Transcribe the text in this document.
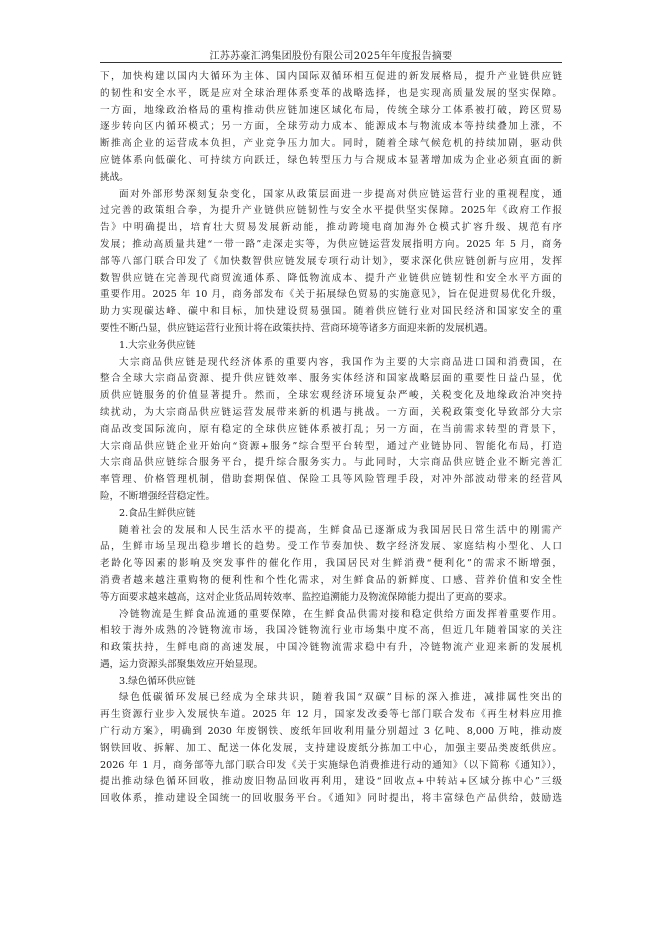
江苏苏豪汇鸿集团股份有限公司2025年年度报告摘要
下，加快构建以国内大循环为主体、国内国际双循环相互促进的新发展格局，提升产业链供应链
的韧性和安全水平，既是应对全球治理体系变革的战略选择，也是实现高质量发展的坚实保障。
一方面，地缘政治格局的重构推动供应链加速区域化布局，传统全球分工体系被打破，跨区贸易
逐步转向区内循环模式；另一方面，全球劳动力成本、能源成本与物流成本等持续叠加上涨，不
断推高企业的运营成本负担，产业竞争压力加大。同时，随着全球气候危机的持续加剧，驱动供
应链体系向低碳化、可持续方向跃迁，绿色转型压力与合规成本显著增加成为企业必须直面的新
挑战。
面对外部形势深刻复杂变化，国家从政策层面进一步提高对供应链运营行业的重视程度，通
过完善的政策组合拳，为提升产业链供应链韧性与安全水平提供坚实保障。2025年《政府工作报
告》中明确提出，培育壮大贸易发展新动能，推动跨境电商加海外仓模式扩容升级、规范有序
发展；推动高质量共建“一带一路”走深走实等，为供应链运营发展指明方向。2025 年 5 月，商务
部等八部门联合印发了《加快数智供应链发展专项行动计划》，要求深化供应链创新与应用，发挥
数智供应链在完善现代商贸流通体系、降低物流成本、提升产业链供应链韧性和安全水平方面的
重要作用。2025 年 10 月，商务部发布《关于拓展绿色贸易的实施意见》，旨在促进贸易优化升级，
助力实现碳达峰、碳中和目标，加快建设贸易强国。随着供应链行业对国民经济和国家安全的重
要性不断凸显，供应链运营行业预计将在政策扶持、营商环境等诸多方面迎来新的发展机遇。
1.大宗业务供应链
大宗商品供应链是现代经济体系的重要内容，我国作为主要的大宗商品进口国和消费国，在
整合全球大宗商品资源、提升供应链效率、服务实体经济和国家战略层面的重要性日益凸显，优
质供应链服务的价值显著提升。然而，全球宏观经济环境复杂严峻，关税变化及地缘政治冲突持
续扰动，为大宗商品供应链运营发展带来新的机遇与挑战。一方面，关税政策变化导致部分大宗
商品改变国际流向，原有稳定的全球供应链体系被打乱；另一方面，在当前需求转型的背景下，
大宗商品供应链企业开始向“资源+服务”综合型平台转型，通过产业链协同、智能化布局，打造
大宗商品供应链综合服务平台，提升综合服务实力。与此同时，大宗商品供应链企业不断完善汇
率管理、价格管理机制，借助套期保值、保险工具等风险管理手段，对冲外部波动带来的经营风
险，不断增强经营稳定性。
2.食品生鲜供应链
随着社会的发展和人民生活水平的提高，生鲜食品已逐渐成为我国居民日常生活中的刚需产
品，生鲜市场呈现出稳步增长的趋势。受工作节奏加快、数字经济发展、家庭结构小型化、人口
老龄化等因素的影响及突发事件的催化作用，我国居民对生鲜消费“便利化”的需求不断增强，
消费者越来越注重购物的便利性和个性化需求，对生鲜食品的新鲜度、口感、营养价值和安全性
等方面要求越来越高，这对企业货品周转效率、监控追溯能力及物流保障能力提出了更高的要求。
冷链物流是生鲜食品流通的重要保障，在生鲜食品供需对接和稳定供给方面发挥着重要作用。
相较于海外成熟的冷链物流市场，我国冷链物流行业市场集中度不高，但近几年随着国家的关注
和政策扶持，生鲜电商的高速发展，中国冷链物流需求稳中有升，冷链物流产业迎来新的发展机
遇，运力资源头部聚集效应开始显现。
3.绿色循环供应链
绿色低碳循环发展已经成为全球共识，随着我国“双碳”目标的深入推进，减排属性突出的
再生资源行业步入发展快车道。2025 年 12 月，国家发改委等七部门联合发布《再生材料应用推
广行动方案》，明确到 2030 年废钢铁、废纸年回收利用量分别超过 3 亿吨、8,000 万吨，推动废
钢铁回收、拆解、加工、配送一体化发展，支持建设废纸分拣加工中心，加强主要品类废纸供应。
2026 年 1 月，商务部等九部门联合印发《关于实施绿色消费推进行动的通知》（以下简称《通知》），
提出推动绿色循环回收，推动废旧物品回收再利用，建设“回收点+中转站+区域分拣中心”三级
回收体系，推动建设全国统一的回收服务平台。《通知》同时提出，将丰富绿色产品供给，鼓励选
